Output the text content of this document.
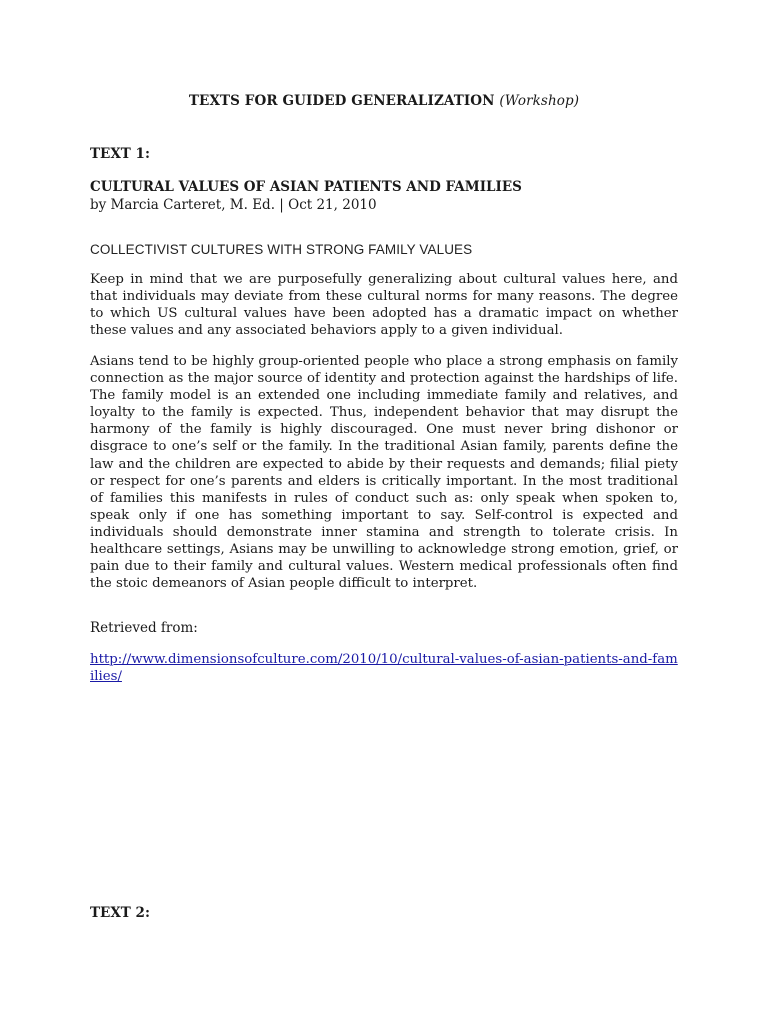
TEXTS FOR GUIDED GENERALIZATION (Workshop)
TEXT 1:
CULTURAL VALUES OF ASIAN PATIENTS AND FAMILIES
by Marcia Carteret, M. Ed. | Oct 21, 2010
COLLECTIVIST CULTURES WITH STRONG FAMILY VALUES

Keep in mind that we are purposefully generalizing about cultural values here, and that individuals may deviate from these cultural norms for many reasons. The degree to which US cultural values have been adopted has a dramatic impact on whether these values and any associated behaviors apply to a given individual.

Asians tend to be highly group-oriented people who place a strong emphasis on family connection as the major source of identity and protection against the hardships of life. The family model is an extended one including immediate family and relatives, and loyalty to the family is expected. Thus, independent behavior that may disrupt the harmony of the family is highly discouraged. One must never bring dishonor or disgrace to one’s self or the family. In the traditional Asian family, parents define the law and the children are expected to abide by their requests and demands; filial piety or respect for one’s parents and elders is critically important. In the most traditional of families this manifests in rules of conduct such as: only speak when spoken to, speak only if one has something important to say. Self-control is expected and individuals should demonstrate inner stamina and strength to tolerate crisis. In healthcare settings, Asians may be unwilling to acknowledge strong emotion, grief, or pain due to their family and cultural values. Western medical professionals often find the stoic demeanors of Asian people difficult to interpret.

Retrieved from:
http://www.dimensionsofculture.com/2010/10/cultural-values-of-asian-patients-and-families/
TEXT 2:
